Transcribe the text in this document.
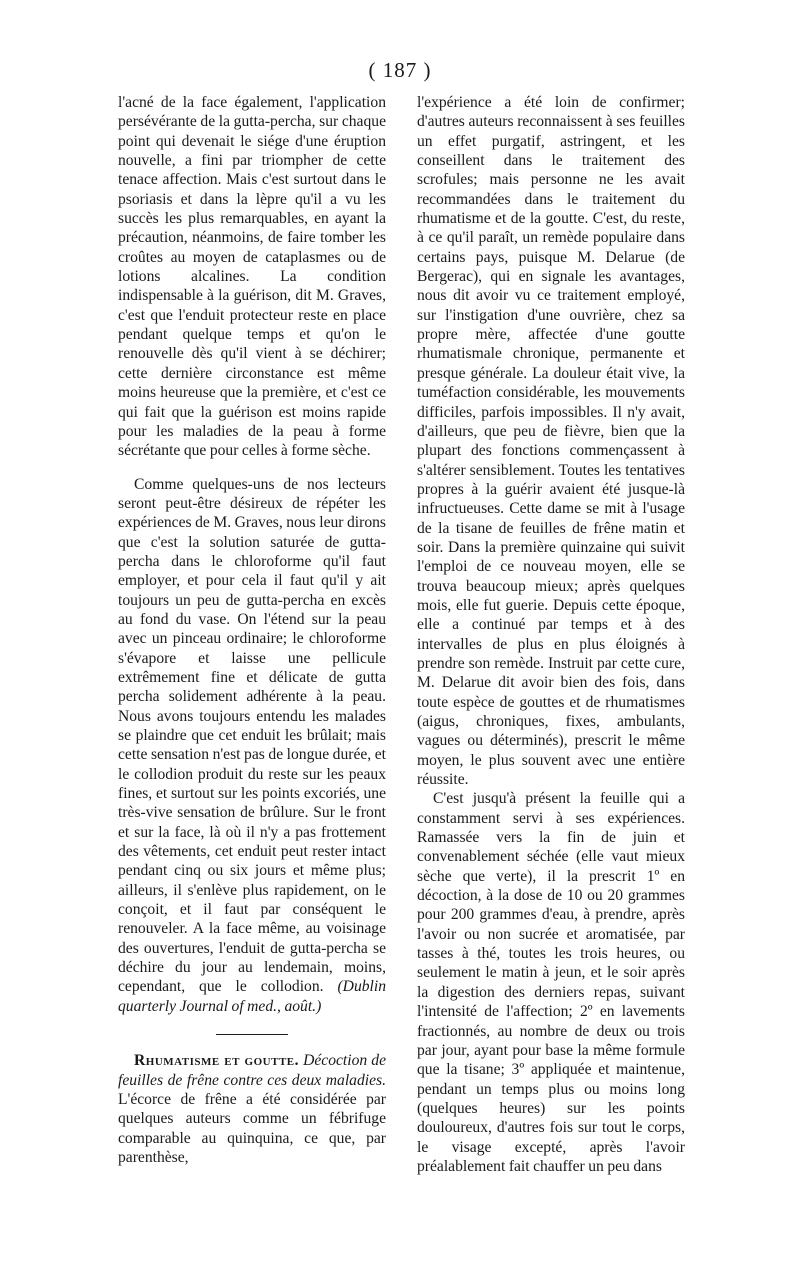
( 187 )

l'acné de la face également, l'application persévérante de la gutta-percha, sur chaque point qui devenait le siége d'une éruption nouvelle, a fini par triompher de cette tenace affection. Mais c'est surtout dans le psoriasis et dans la lèpre qu'il a vu les succès les plus remarquables, en ayant la précaution, néanmoins, de faire tomber les croûtes au moyen de cataplasmes ou de lotions alcalines. La condition indispensable à la guérison, dit M. Graves, c'est que l'enduit protecteur reste en place pendant quelque temps et qu'on le renouvelle dès qu'il vient à se déchirer; cette dernière circonstance est même moins heureuse que la première, et c'est ce qui fait que la guérison est moins rapide pour les maladies de la peau à forme sécrétante que pour celles à forme sèche.

Comme quelques-uns de nos lecteurs seront peut-être désireux de répéter les expériences de M. Graves, nous leur dirons que c'est la solution saturée de gutta-percha dans le chloroforme qu'il faut employer, et pour cela il faut qu'il y ait toujours un peu de gutta-percha en excès au fond du vase. On l'étend sur la peau avec un pinceau ordinaire; le chloroforme s'évapore et laisse une pellicule extrêmement fine et délicate de gutta percha solidement adhérente à la peau. Nous avons toujours entendu les malades se plaindre que cet enduit les brûlait; mais cette sensation n'est pas de longue durée, et le collodion produit du reste sur les peaux fines, et surtout sur les points excoriés, une très-vive sensation de brûlure. Sur le front et sur la face, là où il n'y a pas frottement des vêtements, cet enduit peut rester intact pendant cinq ou six jours et même plus; ailleurs, il s'enlève plus rapidement, on le conçoit, et il faut par conséquent le renouveler. A la face même, au voisinage des ouvertures, l'enduit de gutta-percha se déchire du jour au lendemain, moins, cependant, que le collodion. (Dublin quarterly Journal of med., août.)

Rhumatisme et goutte. Décoction de feuilles de frêne contre ces deux maladies. L'écorce de frêne a été considérée par quelques auteurs comme un fébrifuge comparable au quinquina, ce que, par parenthèse,

l'expérience a été loin de confirmer; d'autres auteurs reconnaissent à ses feuilles un effet purgatif, astringent, et les conseillent dans le traitement des scrofules; mais personne ne les avait recommandées dans le traitement du rhumatisme et de la goutte. C'est, du reste, à ce qu'il paraît, un remède populaire dans certains pays, puisque M. Delarue (de Bergerac), qui en signale les avantages, nous dit avoir vu ce traitement employé, sur l'instigation d'une ouvrière, chez sa propre mère, affectée d'une goutte rhumatismale chronique, permanente et presque générale. La douleur était vive, la tuméfaction considérable, les mouvements difficiles, parfois impossibles. Il n'y avait, d'ailleurs, que peu de fièvre, bien que la plupart des fonctions commençassent à s'altérer sensiblement. Toutes les tentatives propres à la guérir avaient été jusque-là infructueuses. Cette dame se mit à l'usage de la tisane de feuilles de frêne matin et soir. Dans la première quinzaine qui suivit l'emploi de ce nouveau moyen, elle se trouva beaucoup mieux; après quelques mois, elle fut guerie. Depuis cette époque, elle a continué par temps et à des intervalles de plus en plus éloignés à prendre son remède. Instruit par cette cure, M. Delarue dit avoir bien des fois, dans toute espèce de gouttes et de rhumatismes (aigus, chroniques, fixes, ambulants, vagues ou déterminés), prescrit le même moyen, le plus souvent avec une entière réussite.

C'est jusqu'à présent la feuille qui a constamment servi à ses expériences. Ramassée vers la fin de juin et convenablement séchée (elle vaut mieux sèche que verte), il la prescrit 1º en décoction, à la dose de 10 ou 20 grammes pour 200 grammes d'eau, à prendre, après l'avoir ou non sucrée et aromatisée, par tasses à thé, toutes les trois heures, ou seulement le matin à jeun, et le soir après la digestion des derniers repas, suivant l'intensité de l'affection; 2º en lavements fractionnés, au nombre de deux ou trois par jour, ayant pour base la même formule que la tisane; 3º appliquée et maintenue, pendant un temps plus ou moins long (quelques heures) sur les points douloureux, d'autres fois sur tout le corps, le visage excepté, après l'avoir préalablement fait chauffer un peu dans
